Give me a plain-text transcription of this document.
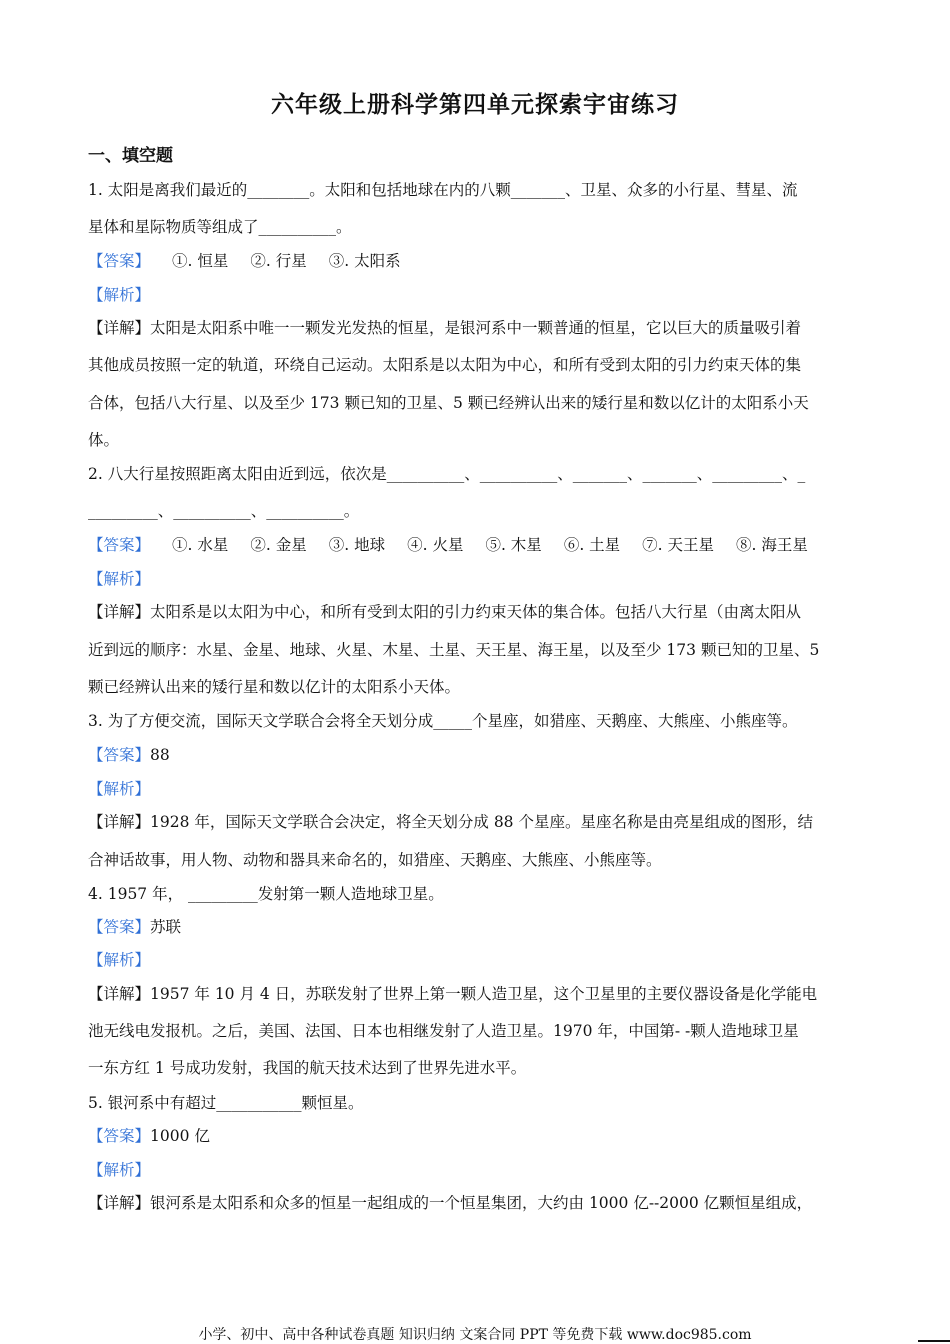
六年级上册科学第四单元探索宇宙练习
一、填空题
1. 太阳是离我们最近的________。太阳和包括地球在内的八颗_______、卫星、众多的小行星、彗星、流
星体和星际物质等组成了__________。
【答案】 ①. 恒星 ②. 行星 ③. 太阳系
【解析】
【详解】太阳是太阳系中唯一一颗发光发热的恒星，是银河系中一颗普通的恒星，它以巨大的质量吸引着
其他成员按照一定的轨道，环绕自己运动。太阳系是以太阳为中心，和所有受到太阳的引力约束天体的集
合体，包括八大行星、以及至少 173 颗已知的卫星、5 颗已经辨认出来的矮行星和数以亿计的太阳系小天
体。
2. 八大行星按照距离太阳由近到远，依次是__________、__________、_______、_______、_________、_
_________、__________、__________。
【答案】 ①. 水星 ②. 金星 ③. 地球 ④. 火星 ⑤. 木星 ⑥. 土星 ⑦. 天王星 ⑧. 海王星
【解析】
【详解】太阳系是以太阳为中心，和所有受到太阳的引力约束天体的集合体。包括八大行星（由离太阳从
近到远的顺序：水星、金星、地球、火星、木星、土星、天王星、海王星，以及至少 173 颗已知的卫星、5
颗已经辨认出来的矮行星和数以亿计的太阳系小天体。
3. 为了方便交流，国际天文学联合会将全天划分成_____个星座，如猎座、天鹅座、大熊座、小熊座等。
【答案】88
【解析】
【详解】1928 年，国际天文学联合会决定，将全天划分成 88 个星座。星座名称是由亮星组成的图形，结
合神话故事，用人物、动物和器具来命名的，如猎座、天鹅座、大熊座、小熊座等。
4. 1957 年， _________发射第一颗人造地球卫星。
【答案】苏联
【解析】
【详解】1957 年 10 月 4 日，苏联发射了世界上第一颗人造卫星，这个卫星里的主要仪器设备是化学能电
池无线电发报机。之后，美国、法国、日本也相继发射了人造卫星。1970 年，中国第- -颗人造地球卫星
一东方红 1 号成功发射，我国的航天技术达到了世界先进水平。
5. 银河系中有超过___________颗恒星。
【答案】1000 亿
【解析】
【详解】银河系是太阳系和众多的恒星一起组成的一个恒星集团，大约由 1000 亿--2000 亿颗恒星组成，
小学、初中、高中各种试卷真题 知识归纳 文案合同 PPT 等免费下载 www.doc985.com
